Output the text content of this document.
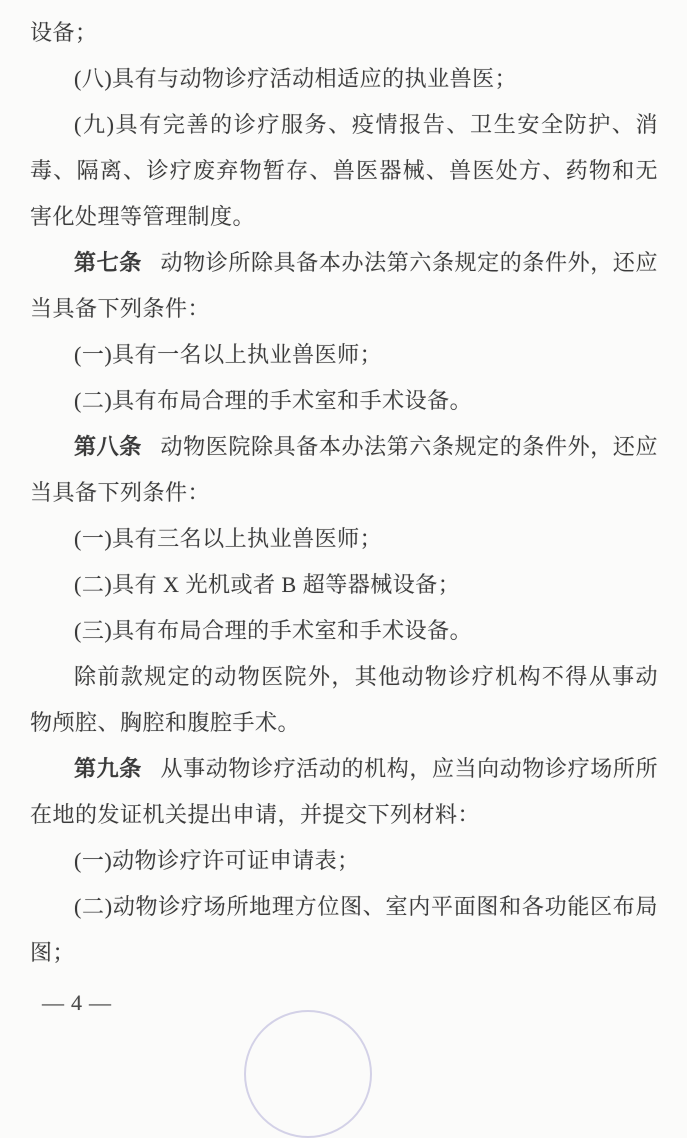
设备；

(八)具有与动物诊疗活动相适应的执业兽医；

(九)具有完善的诊疗服务、疫情报告、卫生安全防护、消毒、隔离、诊疗废弃物暂存、兽医器械、兽医处方、药物和无害化处理等管理制度。

第七条 动物诊所除具备本办法第六条规定的条件外，还应当具备下列条件：

(一)具有一名以上执业兽医师；

(二)具有布局合理的手术室和手术设备。

第八条 动物医院除具备本办法第六条规定的条件外，还应当具备下列条件：

(一)具有三名以上执业兽医师；

(二)具有 X 光机或者 B 超等器械设备；

(三)具有布局合理的手术室和手术设备。

除前款规定的动物医院外，其他动物诊疗机构不得从事动物颅腔、胸腔和腹腔手术。

第九条 从事动物诊疗活动的机构，应当向动物诊疗场所所在地的发证机关提出申请，并提交下列材料：

(一)动物诊疗许可证申请表；

(二)动物诊疗场所地理方位图、室内平面图和各功能区布局图；

— 4 —
